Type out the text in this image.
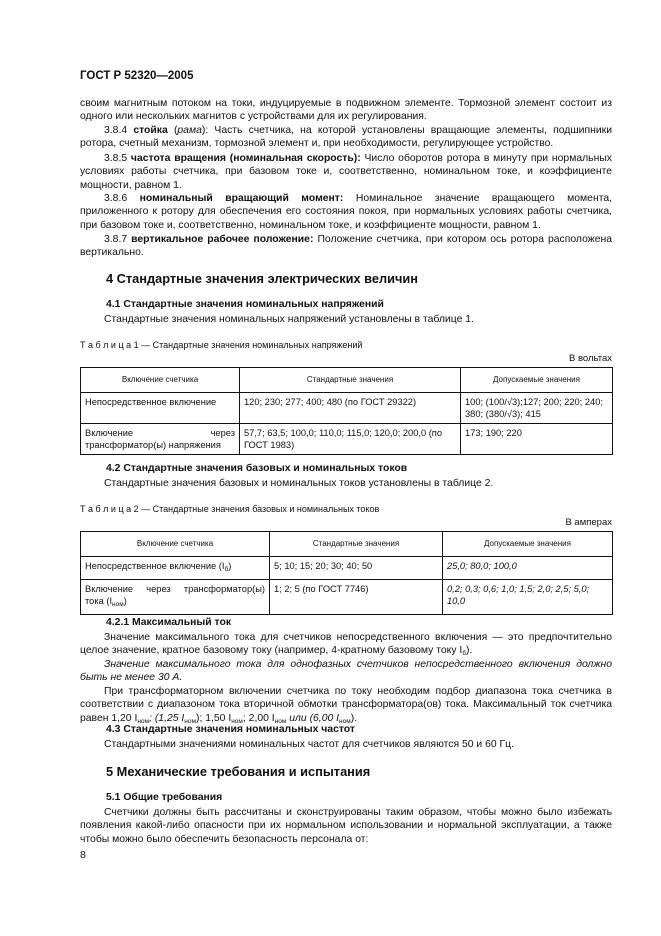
ГОСТ Р 52320—2005
своим магнитным потоком на токи, индуцируемые в подвижном элементе. Тормозной элемент состоит из одного или нескольких магнитов с устройствами для их регулирования.
3.8.4 стойка (рама): Часть счетчика, на которой установлены вращающие элементы, подшипники ротора, счетный механизм, тормозной элемент и, при необходимости, регулирующее устройство.
3.8.5 частота вращения (номинальная скорость): Число оборотов ротора в минуту при нормальных условиях работы счетчика, при базовом токе и, соответственно, номинальном токе, и коэффициенте мощности, равном 1.
3.8.6 номинальный вращающий момент: Номинальное значение вращающего момента, приложенного к ротору для обеспечения его состояния покоя, при нормальных условиях работы счетчика, при базовом токе и, соответственно, номинальном токе, и коэффициенте мощности, равном 1.
3.8.7 вертикальное рабочее положение: Положение счетчика, при котором ось ротора расположена вертикально.
4 Стандартные значения электрических величин
4.1 Стандартные значения номинальных напряжений
Стандартные значения номинальных напряжений установлены в таблице 1.
Т а б л и ц а 1 — Стандартные значения номинальных напряжений
В вольтах
Включение счетчика	Стандартные значения	Допускаемые значения
Непосредственное включение	120; 230; 277; 400; 480 (по ГОСТ 29322)	100; (100/√3);127; 200; 220; 240; 380; (380/√3); 415
Включение через трансформатор(ы) напряжения	57,7; 63,5; 100,0; 110,0; 115,0; 120,0; 200,0 (по ГОСТ 1983)	173; 190; 220
4.2 Стандартные значения базовых и номинальных токов
Стандартные значения базовых и номинальных токов установлены в таблице 2.
Т а б л и ц а 2 — Стандартные значения базовых и номинальных токов
В амперах
Включение счетчика	Стандартные значения	Допускаемые значения
Непосредственное включение $(I_б)$	5; 10; 15; 20; 30; 40; 50	25,0; 80,0; 100,0
Включение через трансформатор(ы) тока $(I_{ном})$	1; 2; 5 (по ГОСТ 7746)	0,2; 0,3; 0,6; 1,0; 1,5; 2,0; 2,5; 5,0; 10,0
4.2.1 Максимальный ток
Значение максимального тока для счетчиков непосредственного включения — это предпочтительно целое значение, кратное базовому току (например, 4-кратному базовому току $I_б$).
Значение максимального тока для однофазных счетчиков непосредственного включения должно быть не менее 30 А.
При трансформаторном включении счетчика по току необходим подбор диапазона тока счетчика в соответствии с диапазоном тока вторичной обмотки трансформатора(ов) тока. Максимальный ток счетчика равен 1,20 $I_{ном}$; (1,25 $I_{ном}$); 1,50 $I_{ном}$; 2,00 $I_{ном}$ или (6,00 $I_{ном}$).
4.3 Стандартные значения номинальных частот
Стандартными значениями номинальных частот для счетчиков являются 50 и 60 Гц.
5 Механические требования и испытания
5.1 Общие требования
Счетчики должны быть рассчитаны и сконструированы таким образом, чтобы можно было избежать появления какой-либо опасности при их нормальном использовании и нормальной эксплуатации, а также чтобы можно было обеспечить безопасность персонала от:
8
